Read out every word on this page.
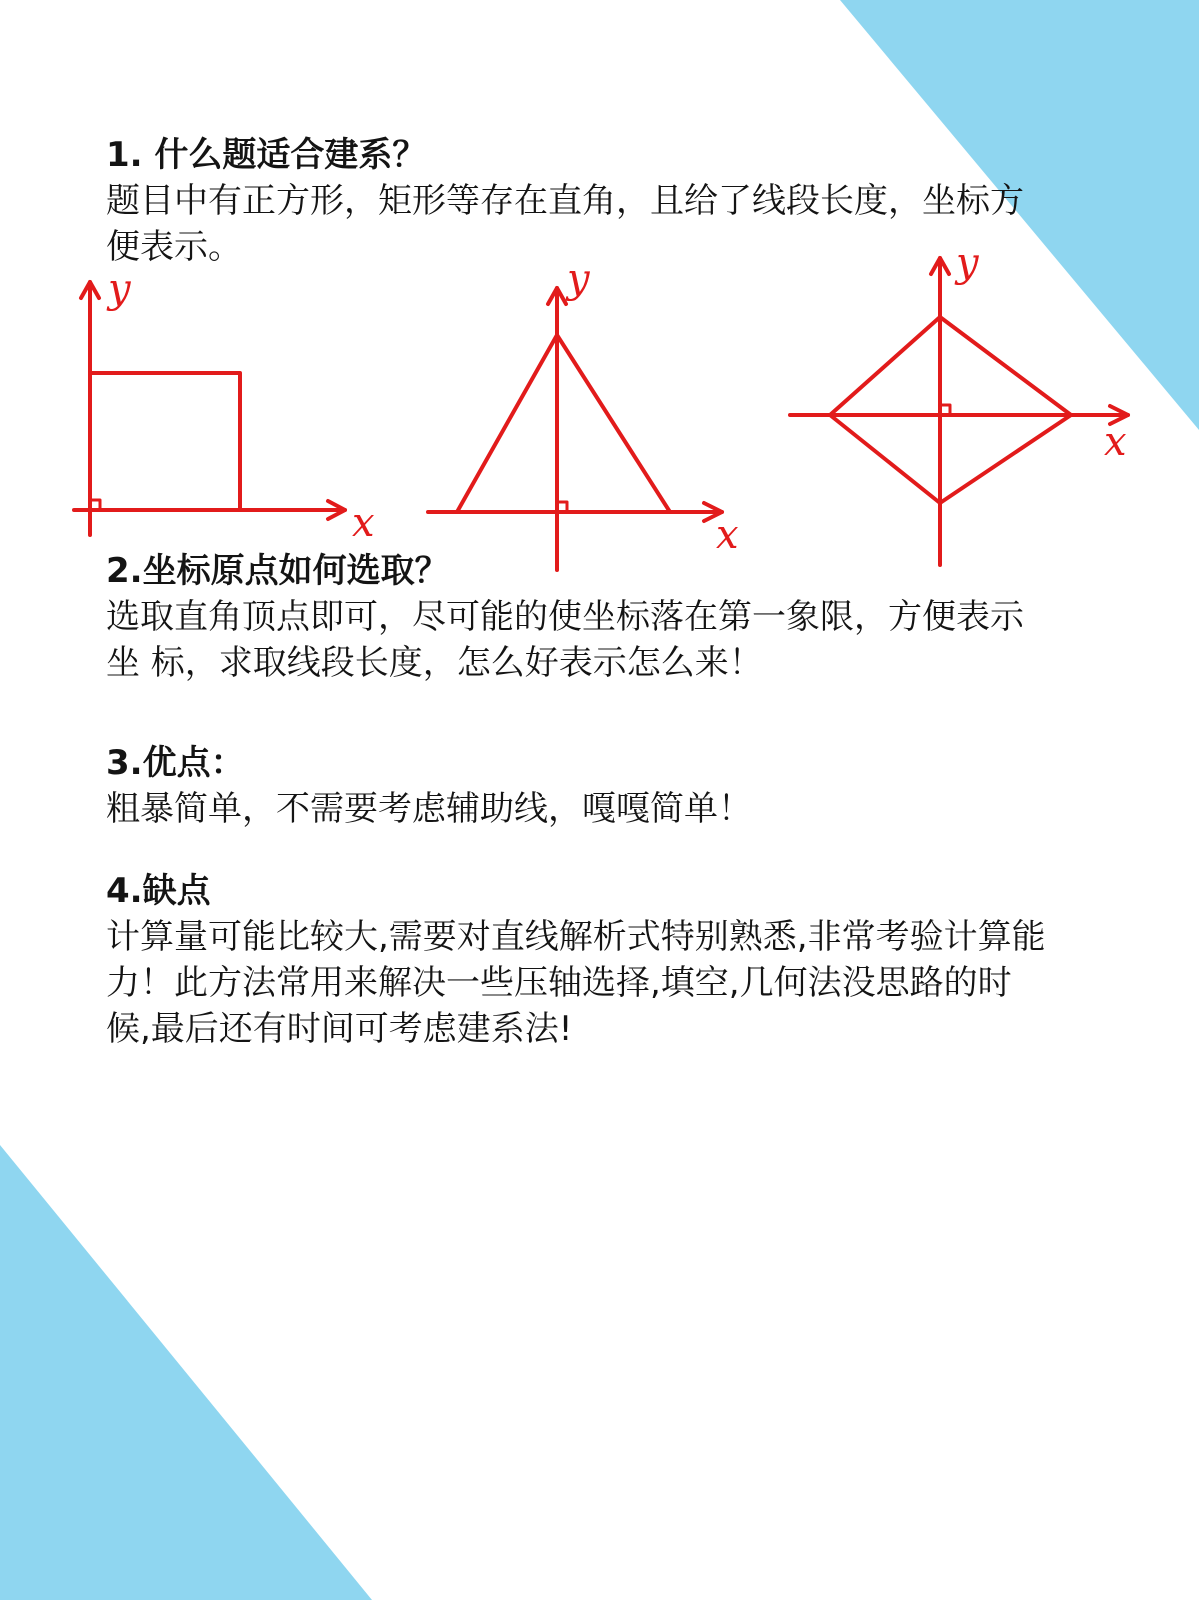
1. 什么题适合建系？
题目中有正方形，矩形等存在直角，且给了线段长度，坐标方便表示。
x
y
x
y
x
y
2.坐标原点如何选取？
选取直角顶点即可，尽可能的使坐标落在第一象限，方便表示坐 标，求取线段长度，怎么好表示怎么来！
3.优点：
粗暴简单，不需要考虑辅助线，嘎嘎简单！
4.缺点
计算量可能比较大,需要对直线解析式特别熟悉,非常考验计算能力！此方法常用来解决一些压轴选择,填空,几何法没思路的时候,最后还有时间可考虑建系法!
